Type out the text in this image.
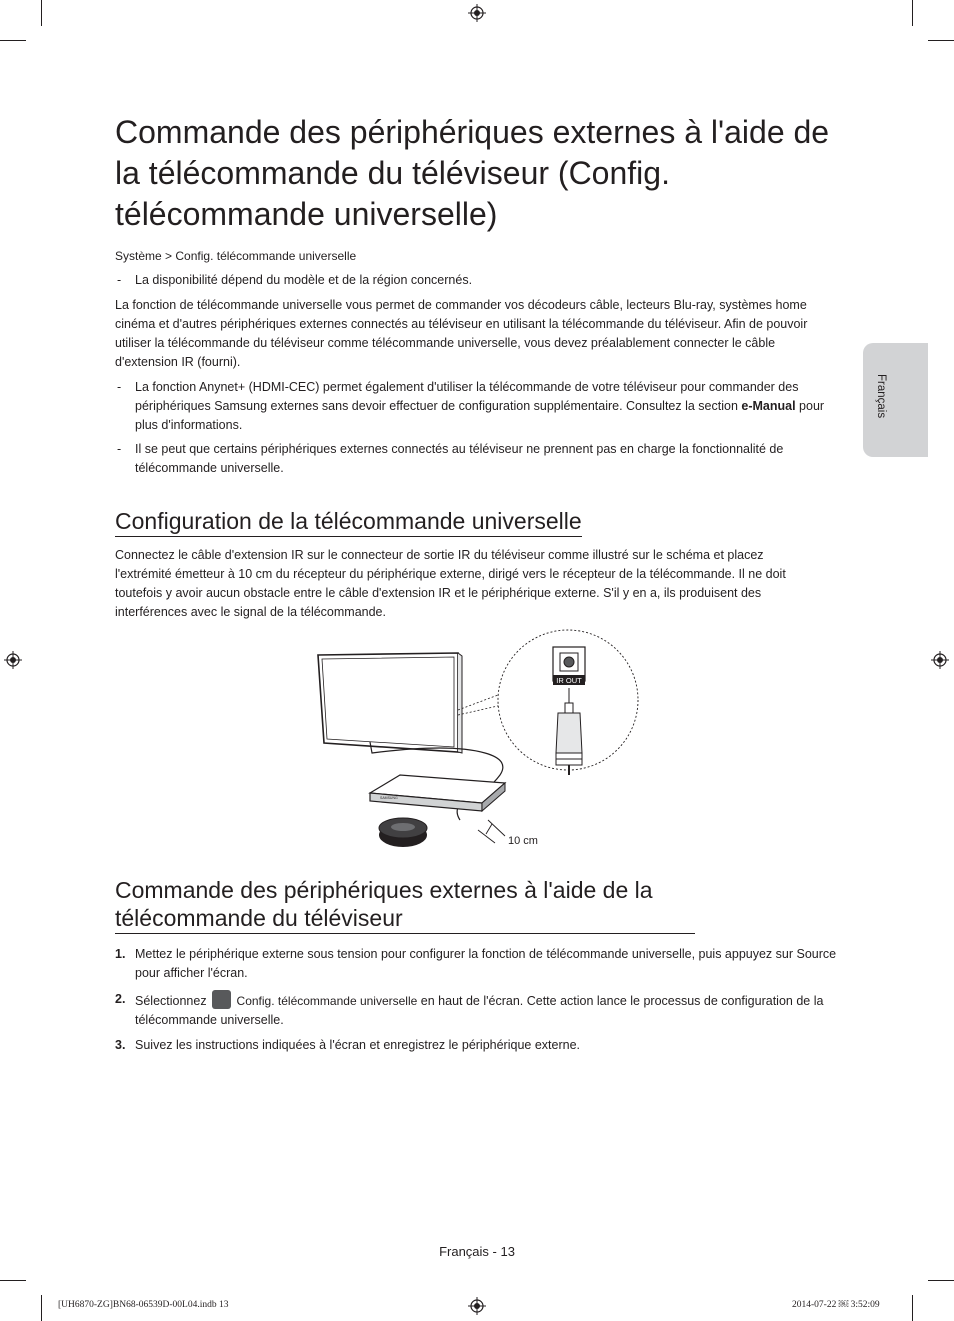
Français
Commande des périphériques externes à l'aide de la télécommande du téléviseur (Config. télécommande universelle)
Système > Config. télécommande universelle
- La disponibilité dépend du modèle et de la région concernés.

La fonction de télécommande universelle vous permet de commander vos décodeurs câble, lecteurs Blu-ray, systèmes home cinéma et d'autres périphériques externes connectés au téléviseur en utilisant la télécommande du téléviseur. Afin de pouvoir utiliser la télécommande du téléviseur comme télécommande universelle, vous devez préalablement connecter le câble d'extension IR (fourni).

- La fonction Anynet+ (HDMI-CEC) permet également d'utiliser la télécommande de votre téléviseur pour commander des périphériques Samsung externes sans devoir effectuer de configuration supplémentaire. Consultez la section e-Manual pour plus d'informations.
- Il se peut que certains périphériques externes connectés au téléviseur ne prennent pas en charge la fonctionnalité de télécommande universelle.
Configuration de la télécommande universelle

Connectez le câble d'extension IR sur le connecteur de sortie IR du téléviseur comme illustré sur le schéma et placez l'extrémité émetteur à 10 cm du récepteur du périphérique externe, dirigé vers le récepteur de la télécommande. Il ne doit toutefois y avoir aucun obstacle entre le câble d'extension IR et le périphérique externe. S'il y en a, ils produisent des interférences avec le signal de la télécommande.

IR OUT
SAMSUNG
10 cm
Commande des périphériques externes à l'aide de la télécommande du téléviseur
1. Mettez le périphérique externe sous tension pour configurer la fonction de télécommande universelle, puis appuyez sur Source pour afficher l'écran.
2. Sélectionnez Config. télécommande universelle en haut de l'écran. Cette action lance le processus de configuration de la télécommande universelle.
3. Suivez les instructions indiquées à l'écran et enregistrez le périphérique externe.
Français - 13
[UH6870-ZG]BN68-06539D-00L04.indb 13	2014-07-22 ￼ 3:52:09
